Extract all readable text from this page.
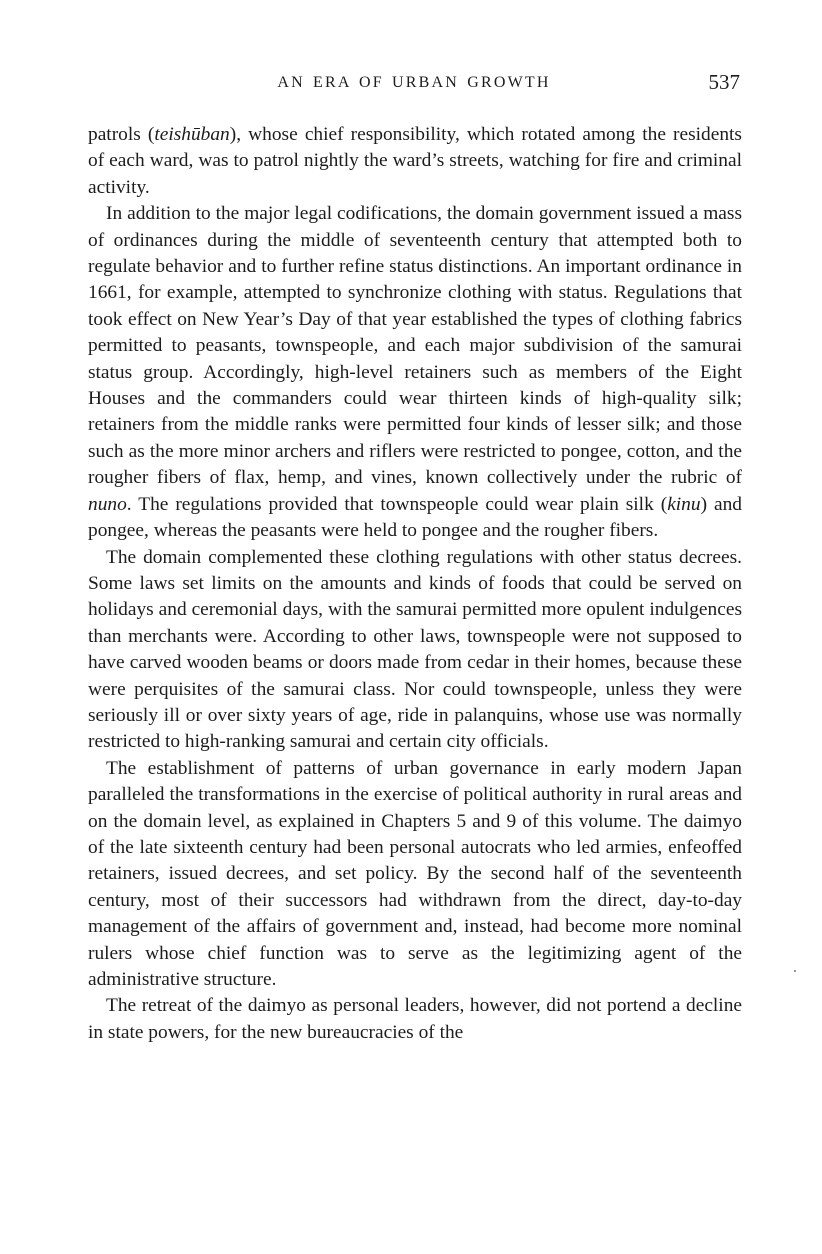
AN ERA OF URBAN GROWTH	537

patrols (teishūban), whose chief responsibility, which rotated among the residents of each ward, was to patrol nightly the ward’s streets, watching for fire and criminal activity.

In addition to the major legal codifications, the domain government issued a mass of ordinances during the middle of seventeenth century that attempted both to regulate behavior and to further refine status distinctions. An important ordinance in 1661, for example, attempted to synchronize clothing with status. Regulations that took effect on New Year’s Day of that year established the types of clothing fabrics permitted to peasants, townspeople, and each major subdivision of the samurai status group. Accordingly, high-level retainers such as members of the Eight Houses and the commanders could wear thirteen kinds of high-quality silk; retainers from the middle ranks were permitted four kinds of lesser silk; and those such as the more minor archers and riflers were restricted to pongee, cotton, and the rougher fibers of flax, hemp, and vines, known collectively under the rubric of nuno. The regulations provided that townspeople could wear plain silk (kinu) and pongee, whereas the peasants were held to pongee and the rougher fibers.

The domain complemented these clothing regulations with other status decrees. Some laws set limits on the amounts and kinds of foods that could be served on holidays and ceremonial days, with the samurai permitted more opulent indulgences than merchants were. According to other laws, townspeople were not supposed to have carved wooden beams or doors made from cedar in their homes, because these were perquisites of the samurai class. Nor could townspeople, unless they were seriously ill or over sixty years of age, ride in palanquins, whose use was normally restricted to high-ranking samurai and certain city officials.

The establishment of patterns of urban governance in early modern Japan paralleled the transformations in the exercise of political authority in rural areas and on the domain level, as explained in Chapters 5 and 9 of this volume. The daimyo of the late sixteenth century had been personal autocrats who led armies, enfeoffed retainers, issued decrees, and set policy. By the second half of the seventeenth century, most of their successors had withdrawn from the direct, day-to-day management of the affairs of government and, instead, had become more nominal rulers whose chief function was to serve as the legitimizing agent of the administrative structure.

The retreat of the daimyo as personal leaders, however, did not portend a decline in state powers, for the new bureaucracies of the
